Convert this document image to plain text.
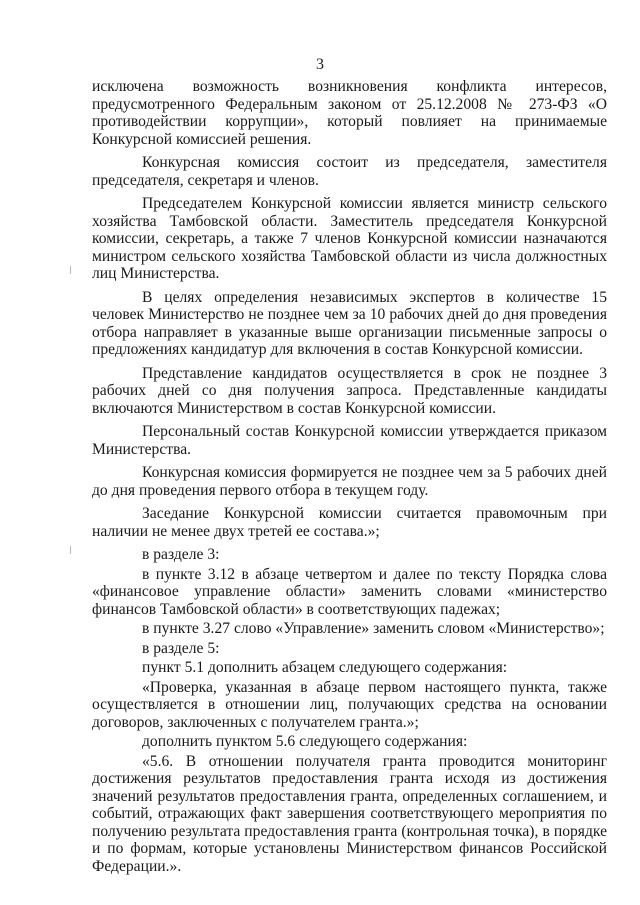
3

исключена возможность возникновения конфликта интересов, предусмотренного Федеральным законом от 25.12.2008 № 273-ФЗ «О противодействии коррупции», который повлияет на принимаемые Конкурсной комиссией решения.

Конкурсная комиссия состоит из председателя, заместителя председателя, секретаря и членов.

Председателем Конкурсной комиссии является министр сельского хозяйства Тамбовской области. Заместитель председателя Конкурсной комиссии, секретарь, а также 7 членов Конкурсной комиссии назначаются министром сельского хозяйства Тамбовской области из числа должностных лиц Министерства.

В целях определения независимых экспертов в количестве 15 человек Министерство не позднее чем за 10 рабочих дней до дня проведения отбора направляет в указанные выше организации письменные запросы о предложениях кандидатур для включения в состав Конкурсной комиссии.

Представление кандидатов осуществляется в срок не позднее 3 рабочих дней со дня получения запроса. Представленные кандидаты включаются Министерством в состав Конкурсной комиссии.

Персональный состав Конкурсной комиссии утверждается приказом Министерства.

Конкурсная комиссия формируется не позднее чем за 5 рабочих дней до дня проведения первого отбора в текущем году.

Заседание Конкурсной комиссии считается правомочным при наличии не менее двух третей ее состава.»;

в разделе 3:

в пункте 3.12 в абзаце четвертом и далее по тексту Порядка слова «финансовое управление области» заменить словами «министерство финансов Тамбовской области» в соответствующих падежах;

в пункте 3.27 слово «Управление» заменить словом «Министерство»;

в разделе 5:

пункт 5.1 дополнить абзацем следующего содержания:

«Проверка, указанная в абзаце первом настоящего пункта, также осуществляется в отношении лиц, получающих средства на основании договоров, заключенных с получателем гранта.»;

дополнить пунктом 5.6 следующего содержания:

«5.6. В отношении получателя гранта проводится мониторинг достижения результатов предоставления гранта исходя из достижения значений результатов предоставления гранта, определенных соглашением, и событий, отражающих факт завершения соответствующего мероприятия по получению результата предоставления гранта (контрольная точка), в порядке и по формам, которые установлены Министерством финансов Российской Федерации.».
